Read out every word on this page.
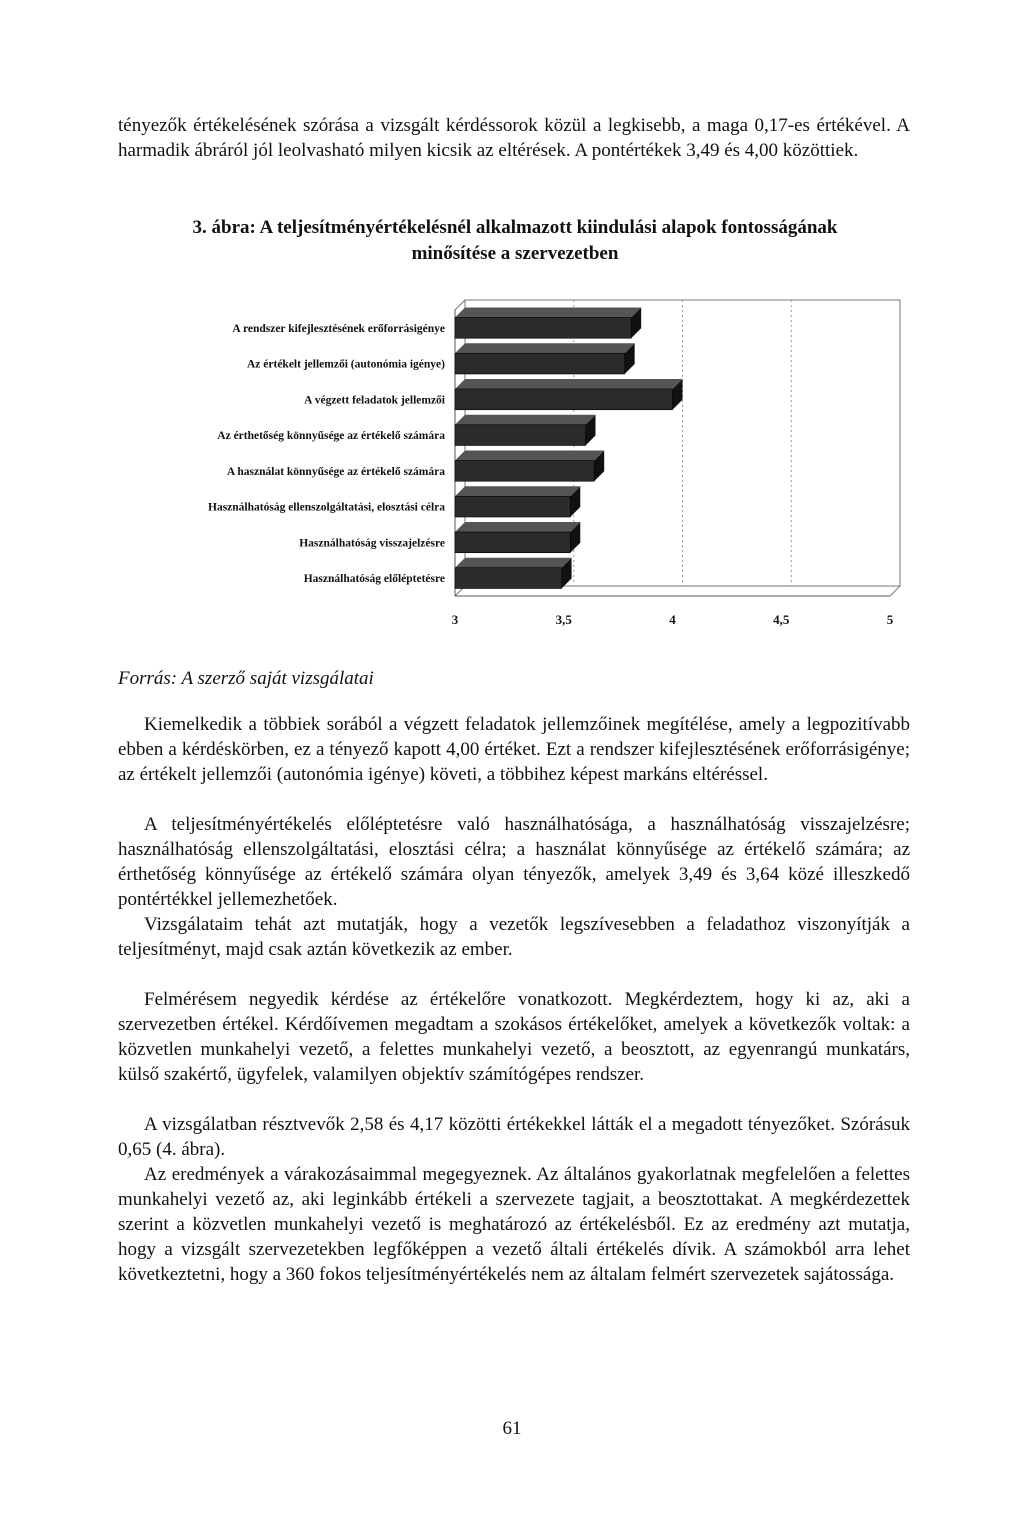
tényezők értékelésének szórása a vizsgált kérdéssorok közül a legkisebb, a maga 0,17-es értékével. A harmadik ábráról jól leolvasható milyen kicsik az eltérések. A pontértékek 3,49 és 4,00 közöttiek.

3. ábra: A teljesítményértékelésnél alkalmazott kiindulási alapok fontosságának
minősítése a szervezetben
3	3,5	4	4,5	5
A rendszer kifejlesztésének erőforrásigénye
Az értékelt jellemzői (autonómia igénye)
A végzett feladatok jellemzői
Az érthetőség könnyűsége az értékelő számára
A használat könnyűsége az értékelő számára
Használhatóság ellenszolgáltatási, elosztási célra
Használhatóság visszajelzésre
Használhatóság előléptetésre
Forrás: A szerző saját vizsgálatai

Kiemelkedik a többiek sorából a végzett feladatok jellemzőinek megítélése, amely a legpozitívabb ebben a kérdéskörben, ez a tényező kapott 4,00 értéket. Ezt a rendszer kifejlesztésének erőforrásigénye; az értékelt jellemzői (autonómia igénye) követi, a többihez képest markáns eltéréssel.

A teljesítményértékelés előléptetésre való használhatósága, a használhatóság visszajelzésre; használhatóság ellenszolgáltatási, elosztási célra; a használat könnyűsége az értékelő számára; az érthetőség könnyűsége az értékelő számára olyan tényezők, amelyek 3,49 és 3,64 közé illeszkedő pontértékkel jellemezhetőek.

Vizsgálataim tehát azt mutatják, hogy a vezetők legszívesebben a feladathoz viszonyítják a teljesítményt, majd csak aztán következik az ember.

Felmérésem negyedik kérdése az értékelőre vonatkozott. Megkérdeztem, hogy ki az, aki a szervezetben értékel. Kérdőívemen megadtam a szokásos értékelőket, amelyek a következők voltak: a közvetlen munkahelyi vezető, a felettes munkahelyi vezető, a beosztott, az egyenrangú munkatárs, külső szakértő, ügyfelek, valamilyen objektív számítógépes rendszer.

A vizsgálatban résztvevők 2,58 és 4,17 közötti értékekkel látták el a megadott tényezőket. Szórásuk 0,65 (4. ábra).

Az eredmények a várakozásaimmal megegyeznek. Az általános gyakorlatnak megfelelően a felettes munkahelyi vezető az, aki leginkább értékeli a szervezete tagjait, a beosztottakat. A megkérdezettek szerint a közvetlen munkahelyi vezető is meghatározó az értékelésből. Ez az eredmény azt mutatja, hogy a vizsgált szervezetekben legfőképpen a vezető általi értékelés dívik. A számokból arra lehet következtetni, hogy a 360 fokos teljesítményértékelés nem az általam felmért szervezetek sajátossága.

61
